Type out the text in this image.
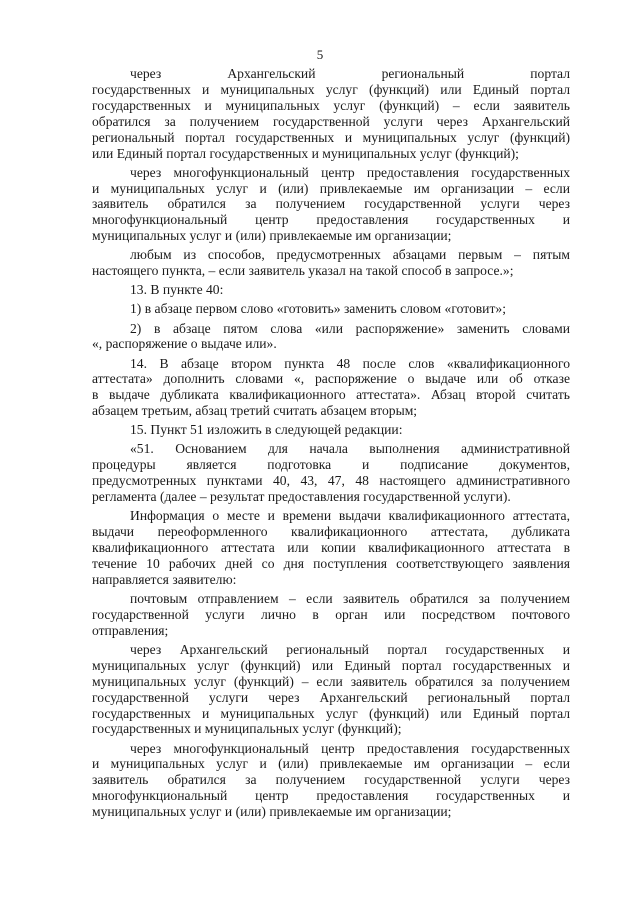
5
через Архангельский региональный портал
государственных и муниципальных услуг (функций) или Единый портал
государственных и муниципальных услуг (функций) – если заявитель
обратился за получением государственной услуги через Архангельский
региональный портал государственных и муниципальных услуг (функций)
или Единый портал государственных и муниципальных услуг (функций);
через многофункциональный центр предоставления государственных
и муниципальных услуг и (или) привлекаемые им организации – если
заявитель обратился за получением государственной услуги через
многофункциональный центр предоставления государственных и
муниципальных услуг и (или) привлекаемые им организации;
любым из способов, предусмотренных абзацами первым – пятым
настоящего пункта, – если заявитель указал на такой способ в запросе.»;
13. В пункте 40:
1) в абзаце первом слово «готовить» заменить словом «готовит»;
2) в абзаце пятом слова «или распоряжение» заменить словами
«, распоряжение о выдаче или».
14. В абзаце втором пункта 48 после слов «квалификационного
аттестата» дополнить словами «, распоряжение о выдаче или об отказе
в выдаче дубликата квалификационного аттестата». Абзац второй считать
абзацем третьим, абзац третий считать абзацем вторым;
15. Пункт 51 изложить в следующей редакции:
«51. Основанием для начала выполнения административной
процедуры является подготовка и подписание документов,
предусмотренных пунктами 40, 43, 47, 48 настоящего административного
регламента (далее – результат предоставления государственной услуги).
Информация о месте и времени выдачи квалификационного аттестата,
выдачи переоформленного квалификационного аттестата, дубликата
квалификационного аттестата или копии квалификационного аттестата в
течение 10 рабочих дней со дня поступления соответствующего заявления
направляется заявителю:
почтовым отправлением – если заявитель обратился за получением
государственной услуги лично в орган или посредством почтового
отправления;
через Архангельский региональный портал государственных и
муниципальных услуг (функций) или Единый портал государственных и
муниципальных услуг (функций) – если заявитель обратился за получением
государственной услуги через Архангельский региональный портал
государственных и муниципальных услуг (функций) или Единый портал
государственных и муниципальных услуг (функций);
через многофункциональный центр предоставления государственных
и муниципальных услуг и (или) привлекаемые им организации – если
заявитель обратился за получением государственной услуги через
многофункциональный центр предоставления государственных и
муниципальных услуг и (или) привлекаемые им организации;
